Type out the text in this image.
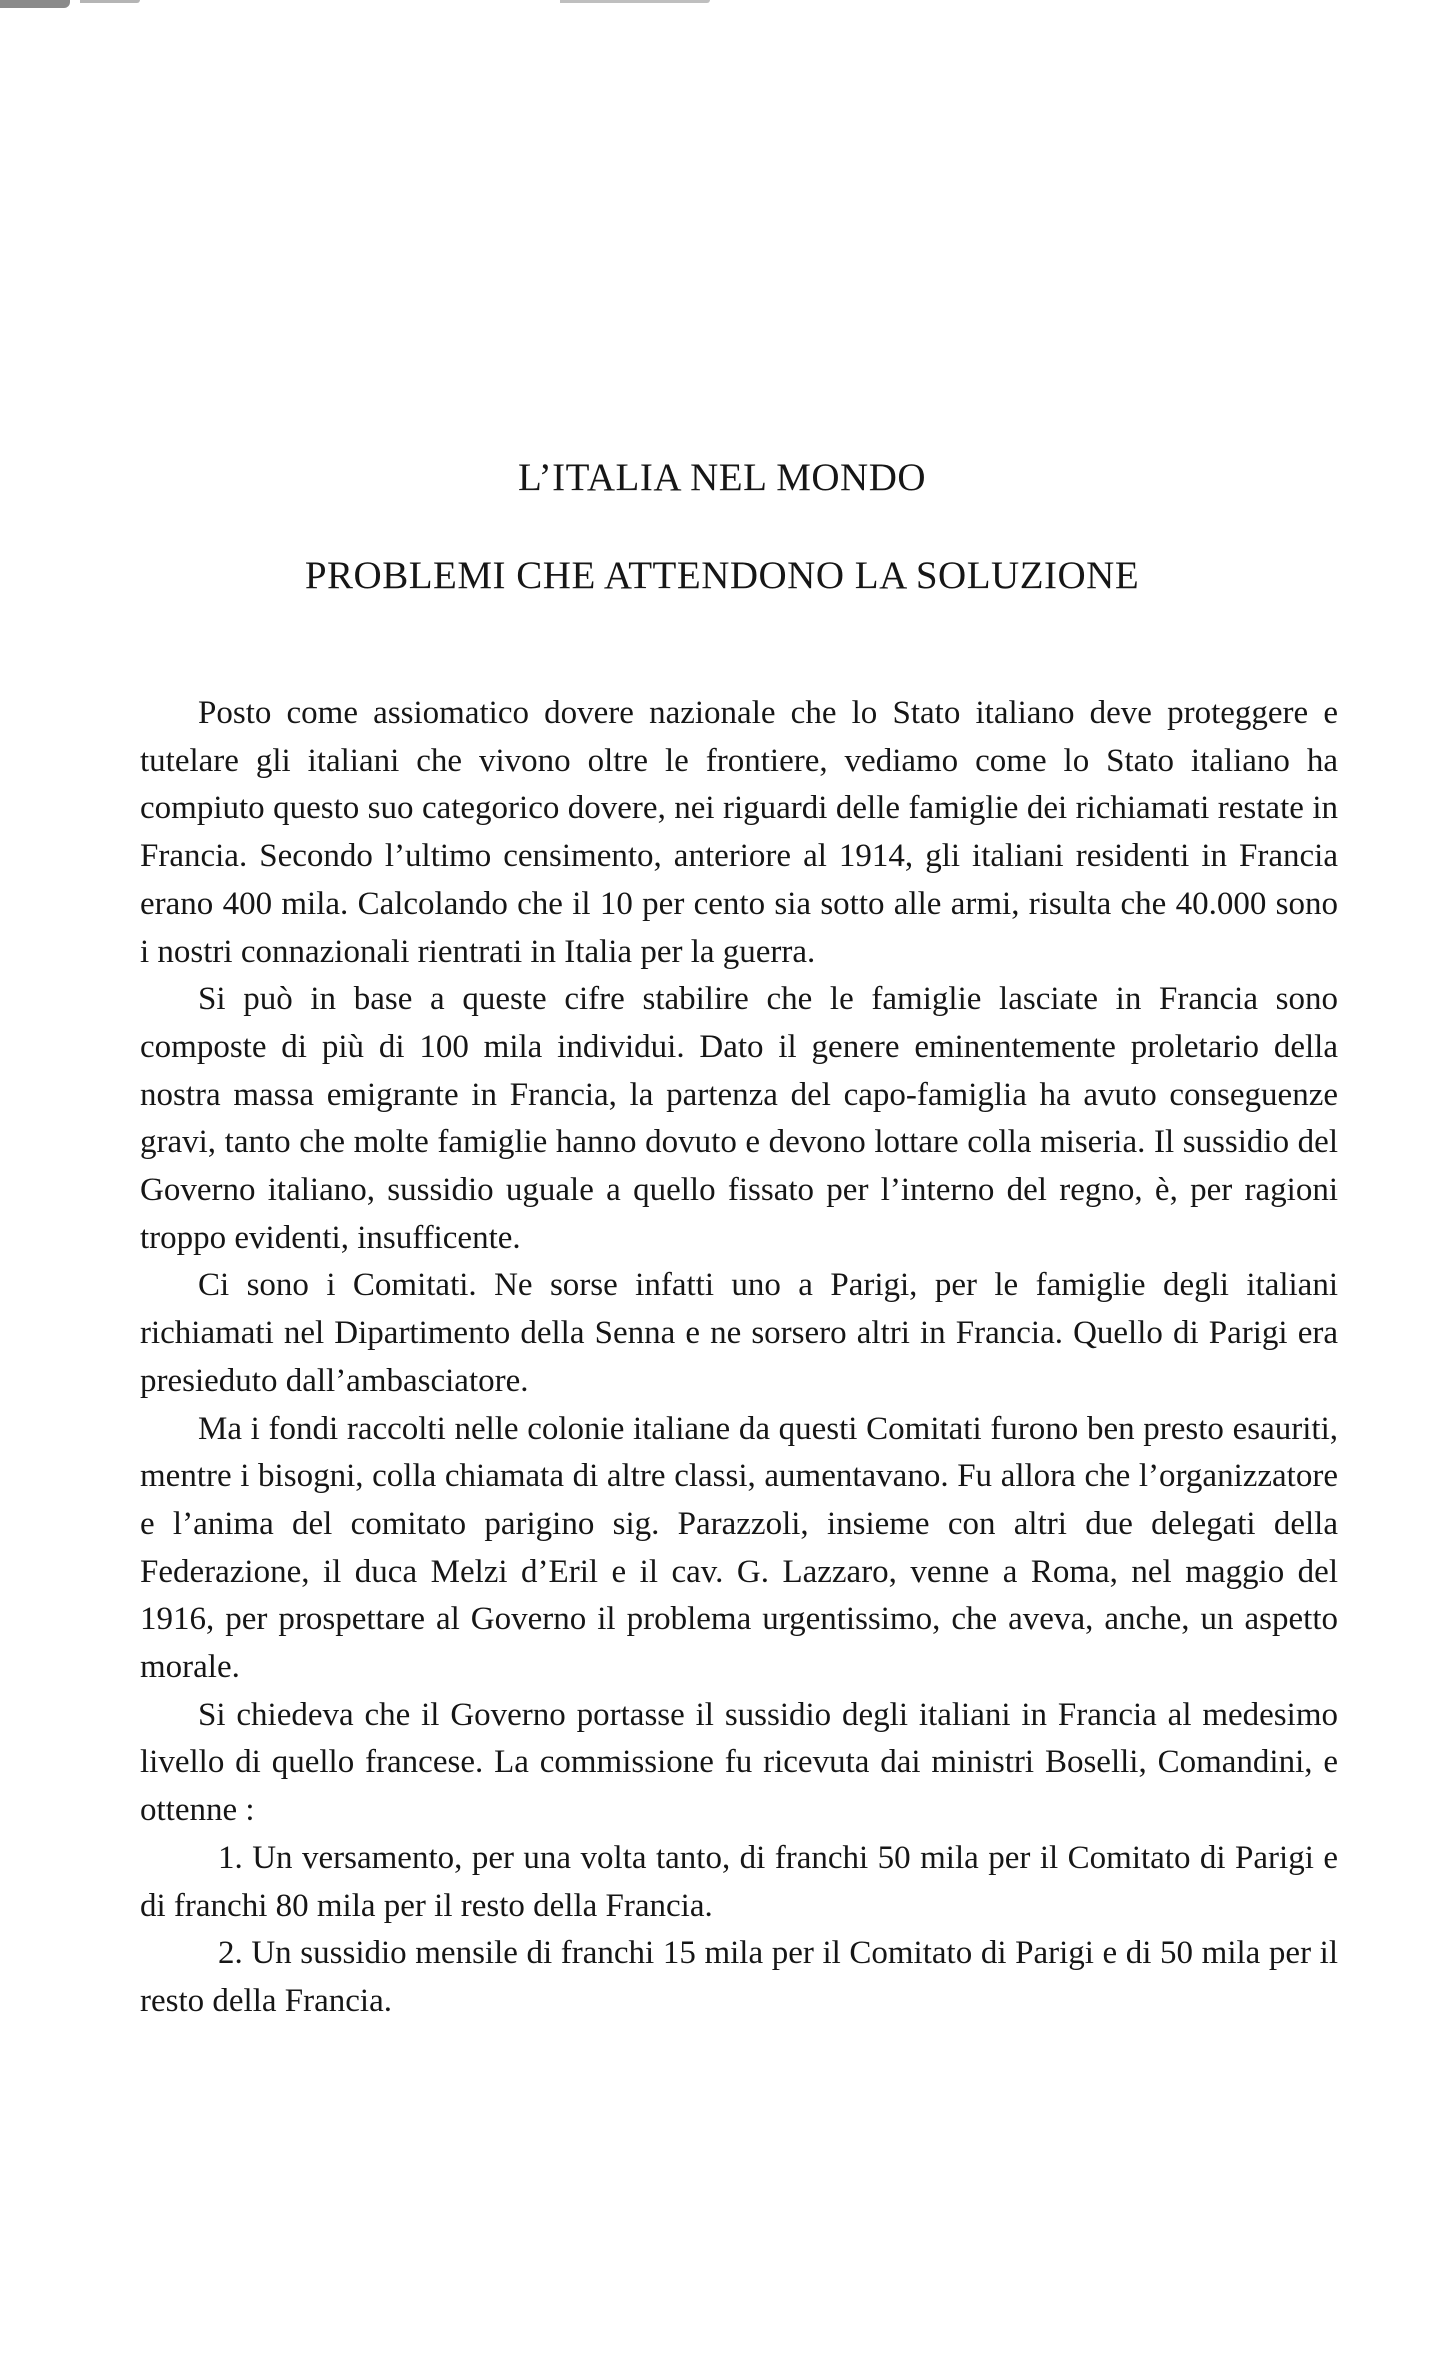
L’ITALIA NEL MONDO
PROBLEMI CHE ATTENDONO LA SOLUZIONE

Posto come assiomatico dovere nazionale che lo Stato italiano deve proteggere e tutelare gli italiani che vivono oltre le frontiere, vediamo come lo Stato italiano ha compiuto questo suo categorico dovere, nei riguardi delle famiglie dei richiamati restate in Francia. Secondo l’ultimo censimento, anteriore al 1914, gli italiani residenti in Francia erano 400 mila. Calcolando che il 10 per cento sia sotto alle armi, risulta che 40.000 sono i nostri connazionali rientrati in Italia per la guerra.

Si può in base a queste cifre stabilire che le famiglie lasciate in Francia sono composte di più di 100 mila individui. Dato il genere eminentemente proletario della nostra massa emigrante in Francia, la partenza del capo-famiglia ha avuto conseguenze gravi, tanto che molte famiglie hanno dovuto e devono lottare colla miseria. Il sussidio del Governo italiano, sussidio uguale a quello fissato per l’interno del regno, è, per ragioni troppo evidenti, insufficente.

Ci sono i Comitati. Ne sorse infatti uno a Parigi, per le famiglie degli italiani richiamati nel Dipartimento della Senna e ne sorsero altri in Francia. Quello di Parigi era presieduto dall’ambasciatore.

Ma i fondi raccolti nelle colonie italiane da questi Comitati furono ben presto esauriti, mentre i bisogni, colla chiamata di altre classi, aumentavano. Fu allora che l’organizzatore e l’anima del comitato parigino sig. Parazzoli, insieme con altri due delegati della Federazione, il duca Melzi d’Eril e il cav. G. Lazzaro, venne a Roma, nel maggio del 1916, per prospettare al Governo il problema urgentissimo, che aveva, anche, un aspetto morale.

Si chiedeva che il Governo portasse il sussidio degli italiani in Francia al medesimo livello di quello francese. La commissione fu ricevuta dai ministri Boselli, Comandini, e ottenne :

1. Un versamento, per una volta tanto, di franchi 50 mila per il Comitato di Parigi e di franchi 80 mila per il resto della Francia.

2. Un sussidio mensile di franchi 15 mila per il Comitato di Parigi e di 50 mila per il resto della Francia.
